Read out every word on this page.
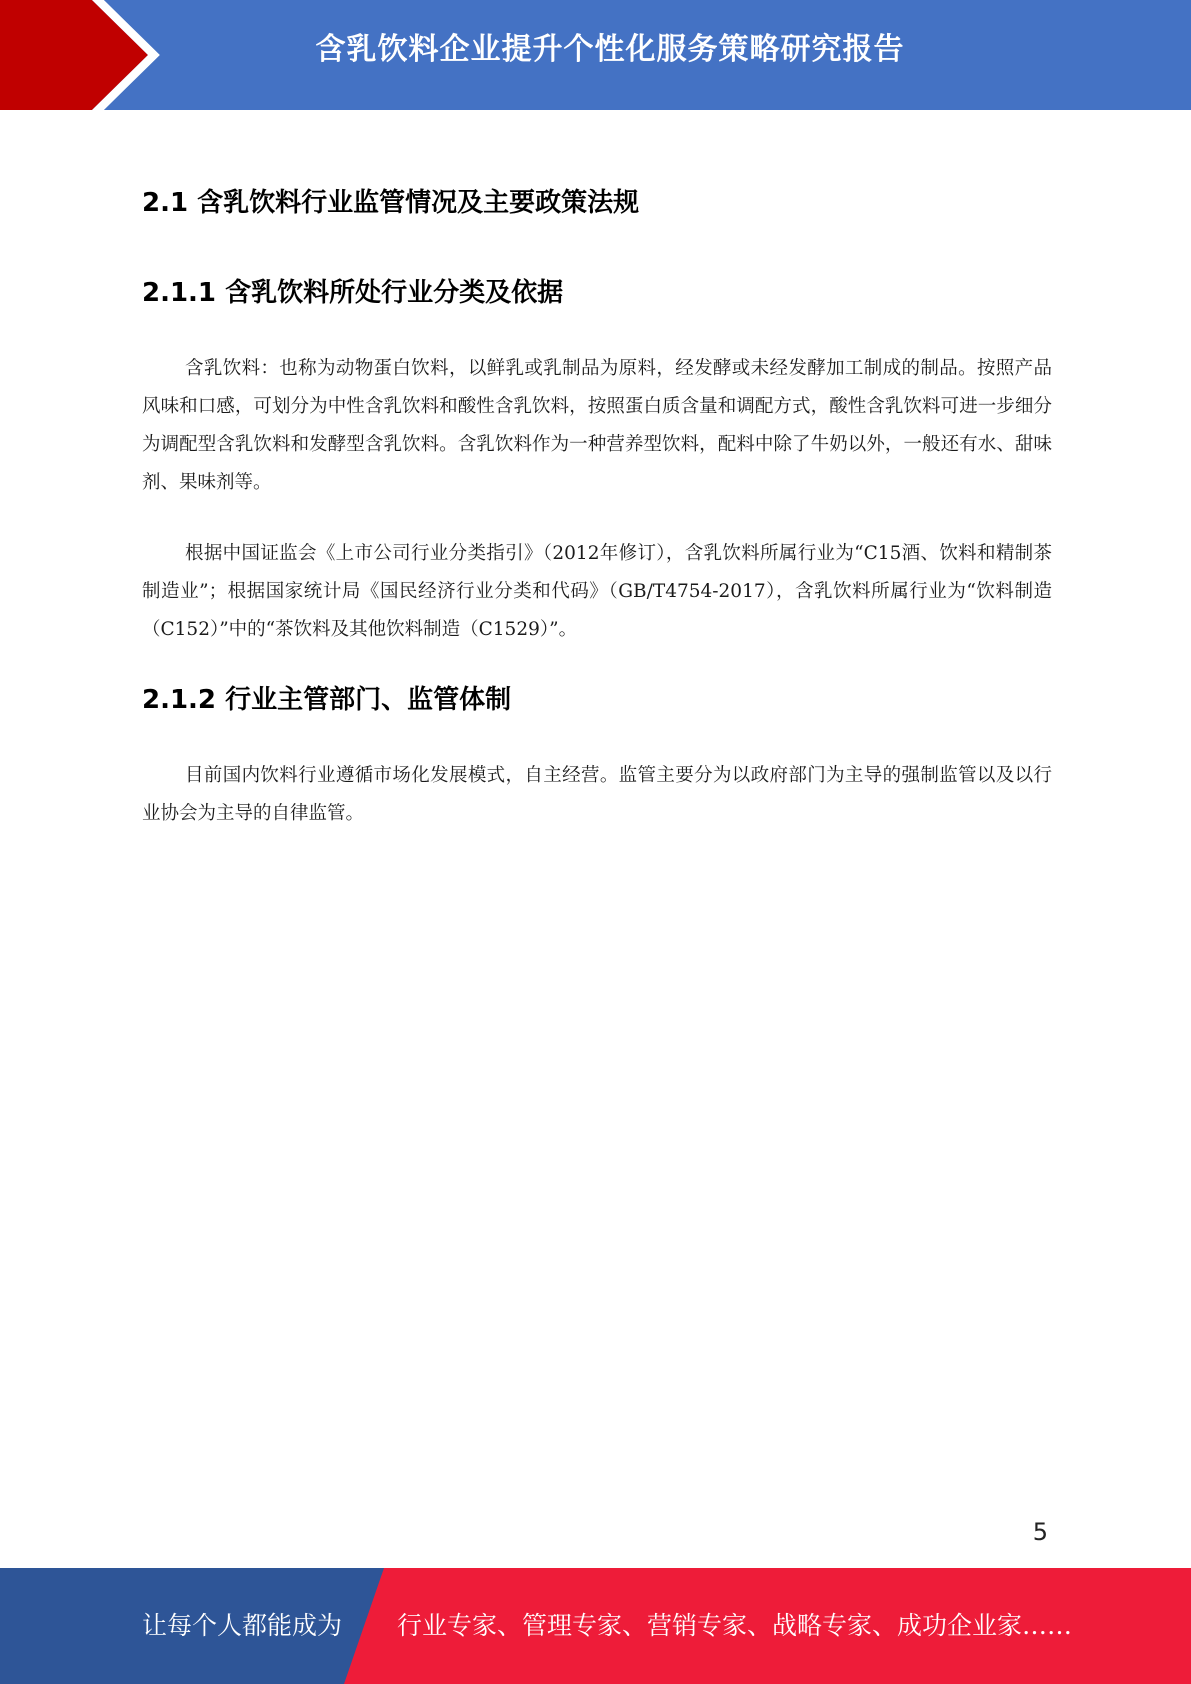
含乳饮料企业提升个性化服务策略研究报告
2.1 含乳饮料行业监管情况及主要政策法规
2.1.1 含乳饮料所处行业分类及依据

含乳饮料：也称为动物蛋白饮料，以鲜乳或乳制品为原料，经发酵或未经发酵加工制成的制品。按照产品风味和口感，可划分为中性含乳饮料和酸性含乳饮料，按照蛋白质含量和调配方式，酸性含乳饮料可进一步细分为调配型含乳饮料和发酵型含乳饮料。含乳饮料作为一种营养型饮料，配料中除了牛奶以外，一般还有水、甜味剂、果味剂等。

根据中国证监会《上市公司行业分类指引》（2012年修订），含乳饮料所属行业为“C15酒、饮料和精制茶制造业”；根据国家统计局《国民经济行业分类和代码》（GB/T4754-2017），含乳饮料所属行业为“饮料制造（C152）”中的“茶饮料及其他饮料制造（C1529）”。

2.1.2 行业主管部门、监管体制

目前国内饮料行业遵循市场化发展模式，自主经营。监管主要分为以政府部门为主导的强制监管以及以行业协会为主导的自律监管。

5
让每个人都能成为 行业专家、管理专家、营销专家、战略专家、成功企业家……
